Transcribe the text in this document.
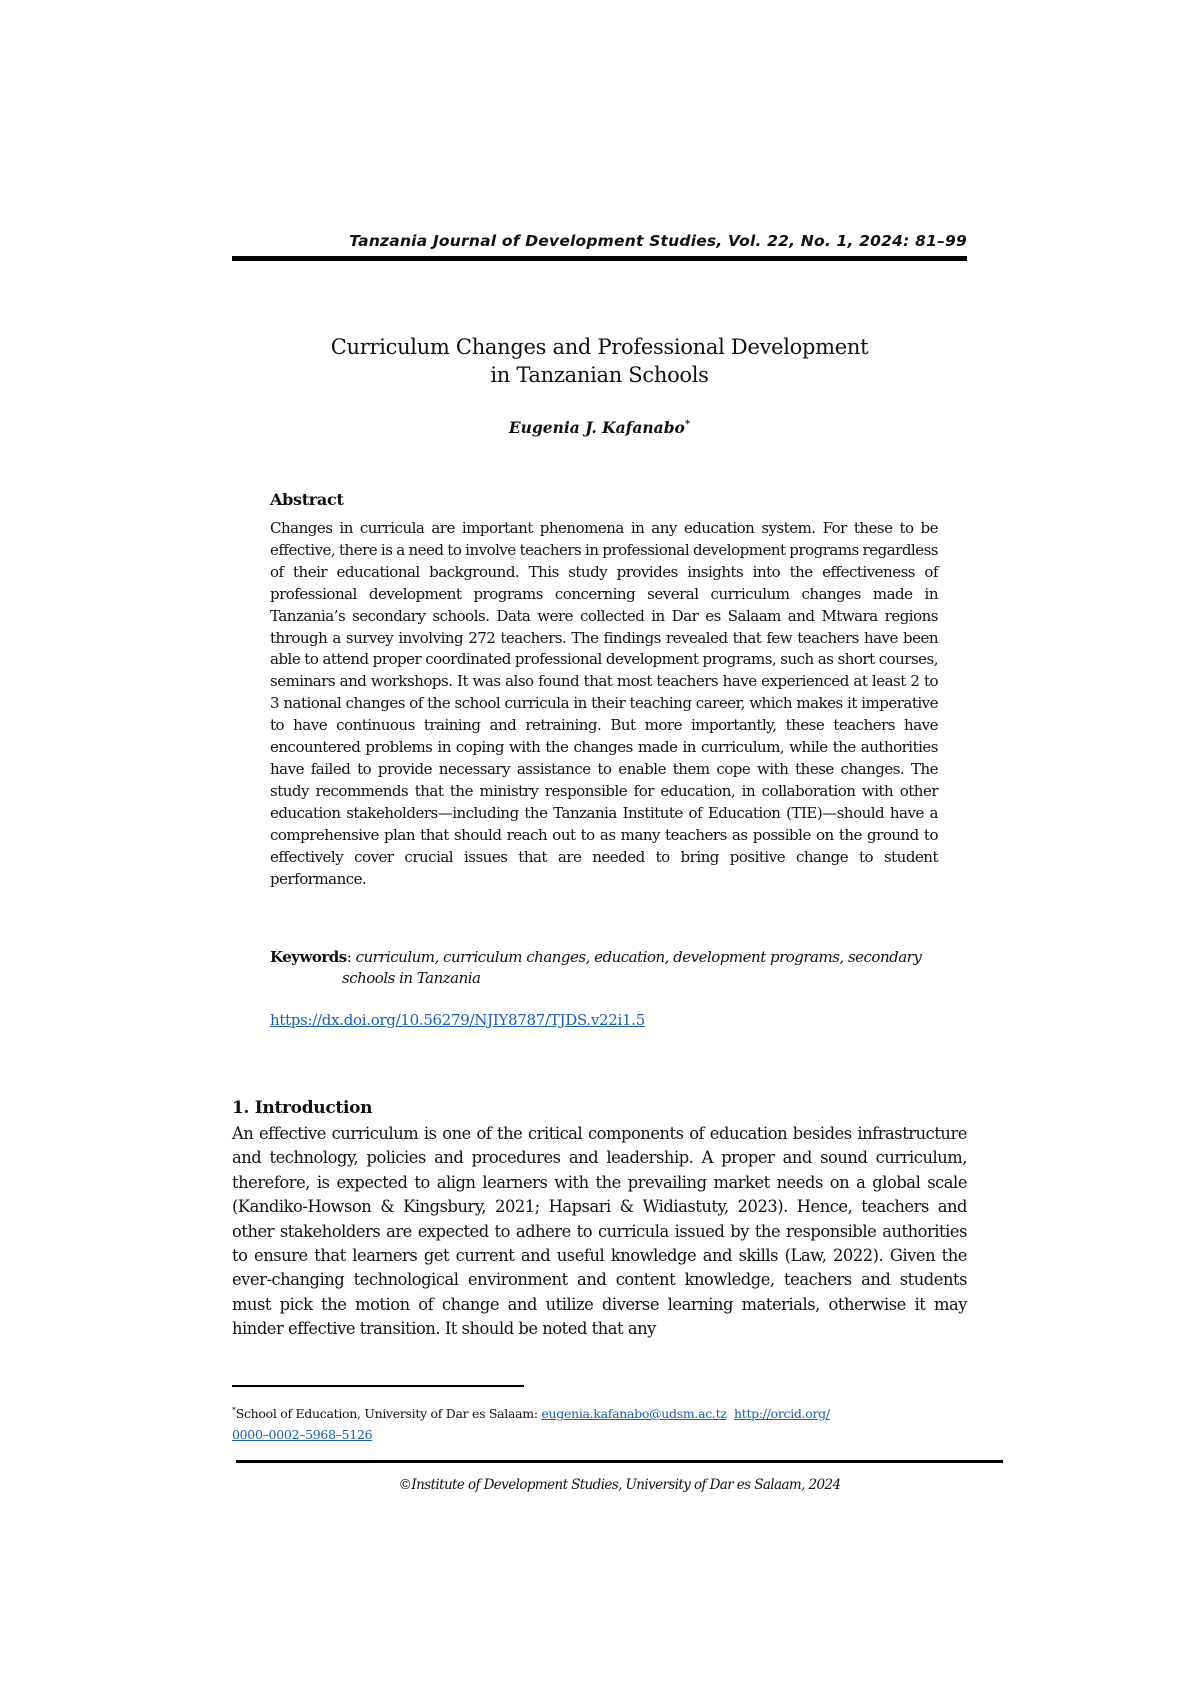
Tanzania Journal of Development Studies, Vol. 22, No. 1, 2024: 81–99
Curriculum Changes and Professional Development
in Tanzanian Schools
Eugenia J. Kafanabo*
Abstract
Changes in curricula are important phenomena in any education system. For these to be effective, there is a need to involve teachers in professional development programs regardless of their educational background. This study provides insights into the effectiveness of professional development programs concerning several curriculum changes made in Tanzania’s secondary schools. Data were collected in Dar es Salaam and Mtwara regions through a survey involving 272 teachers. The findings revealed that few teachers have been able to attend proper coordinated professional development programs, such as short courses, seminars and workshops. It was also found that most teachers have experienced at least 2 to 3 national changes of the school curricula in their teaching career, which makes it imperative to have continuous training and retraining. But more importantly, these teachers have encountered problems in coping with the changes made in curriculum, while the authorities have failed to provide necessary assistance to enable them cope with these changes. The study recommends that the ministry responsible for education, in collaboration with other education stakeholders—including the Tanzania Institute of Education (TIE)—should have a comprehensive plan that should reach out to as many teachers as possible on the ground to effectively cover crucial issues that are needed to bring positive change to student performance.
Keywords: curriculum, curriculum changes, education, development programs, secondary
schools in Tanzania
https://dx.doi.org/10.56279/NJIY8787/TJDS.v22i1.5
1. Introduction
An effective curriculum is one of the critical components of education besides infrastructure and technology, policies and procedures and leadership. A proper and sound curriculum, therefore, is expected to align learners with the prevailing market needs on a global scale (Kandiko-Howson & Kingsbury, 2021; Hapsari & Widiastuty, 2023). Hence, teachers and other stakeholders are expected to adhere to curricula issued by the responsible authorities to ensure that learners get current and useful knowledge and skills (Law, 2022). Given the ever-changing technological environment and content knowledge, teachers and students must pick the motion of change and utilize diverse learning materials, otherwise it may hinder effective transition. It should be noted that any
*School of Education, University of Dar es Salaam: eugenia.kafanabo@udsm.ac.tz http://orcid.org/
0000–0002–5968–5126
©Institute of Development Studies, University of Dar es Salaam, 2024
